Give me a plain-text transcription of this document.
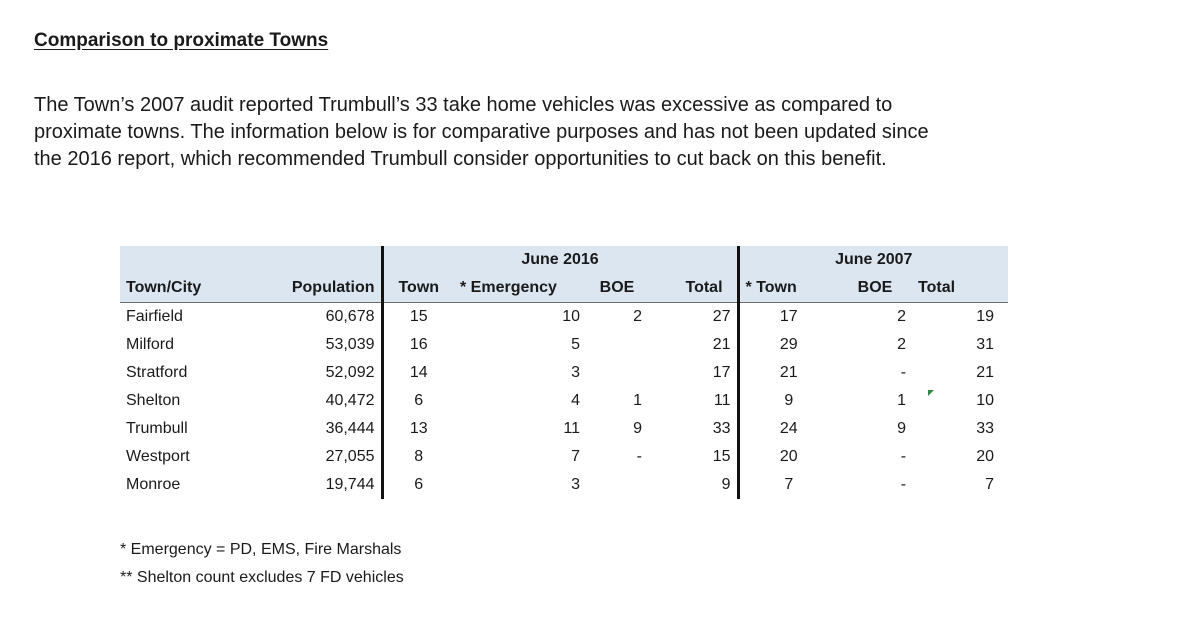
Comparison to proximate Towns
The Town’s 2007 audit reported Trumbull’s 33 take home vehicles was excessive as compared to
proximate towns. The information below is for comparative purposes and has not been updated since
the 2016 report, which recommended Trumbull consider opportunities to cut back on this benefit.
		June 2016				June 2007		
Town/City	Population	Town	* Emergency	BOE	Total	* Town	BOE	Total
Fairfield	60,678	15	10	2	27	17	2	19
Milford	53,039	16	5		21	29	2	31
Stratford	52,092	14	3		17	21	-	21
Shelton	40,472	6	4	1	11	9	1	10
Trumbull	36,444	13	11	9	33	24	9	33
Westport	27,055	8	7	-	15	20	-	20
Monroe	19,744	6	3		9	7	-	7
* Emergency = PD, EMS, Fire Marshals
** Shelton count excludes 7 FD vehicles
